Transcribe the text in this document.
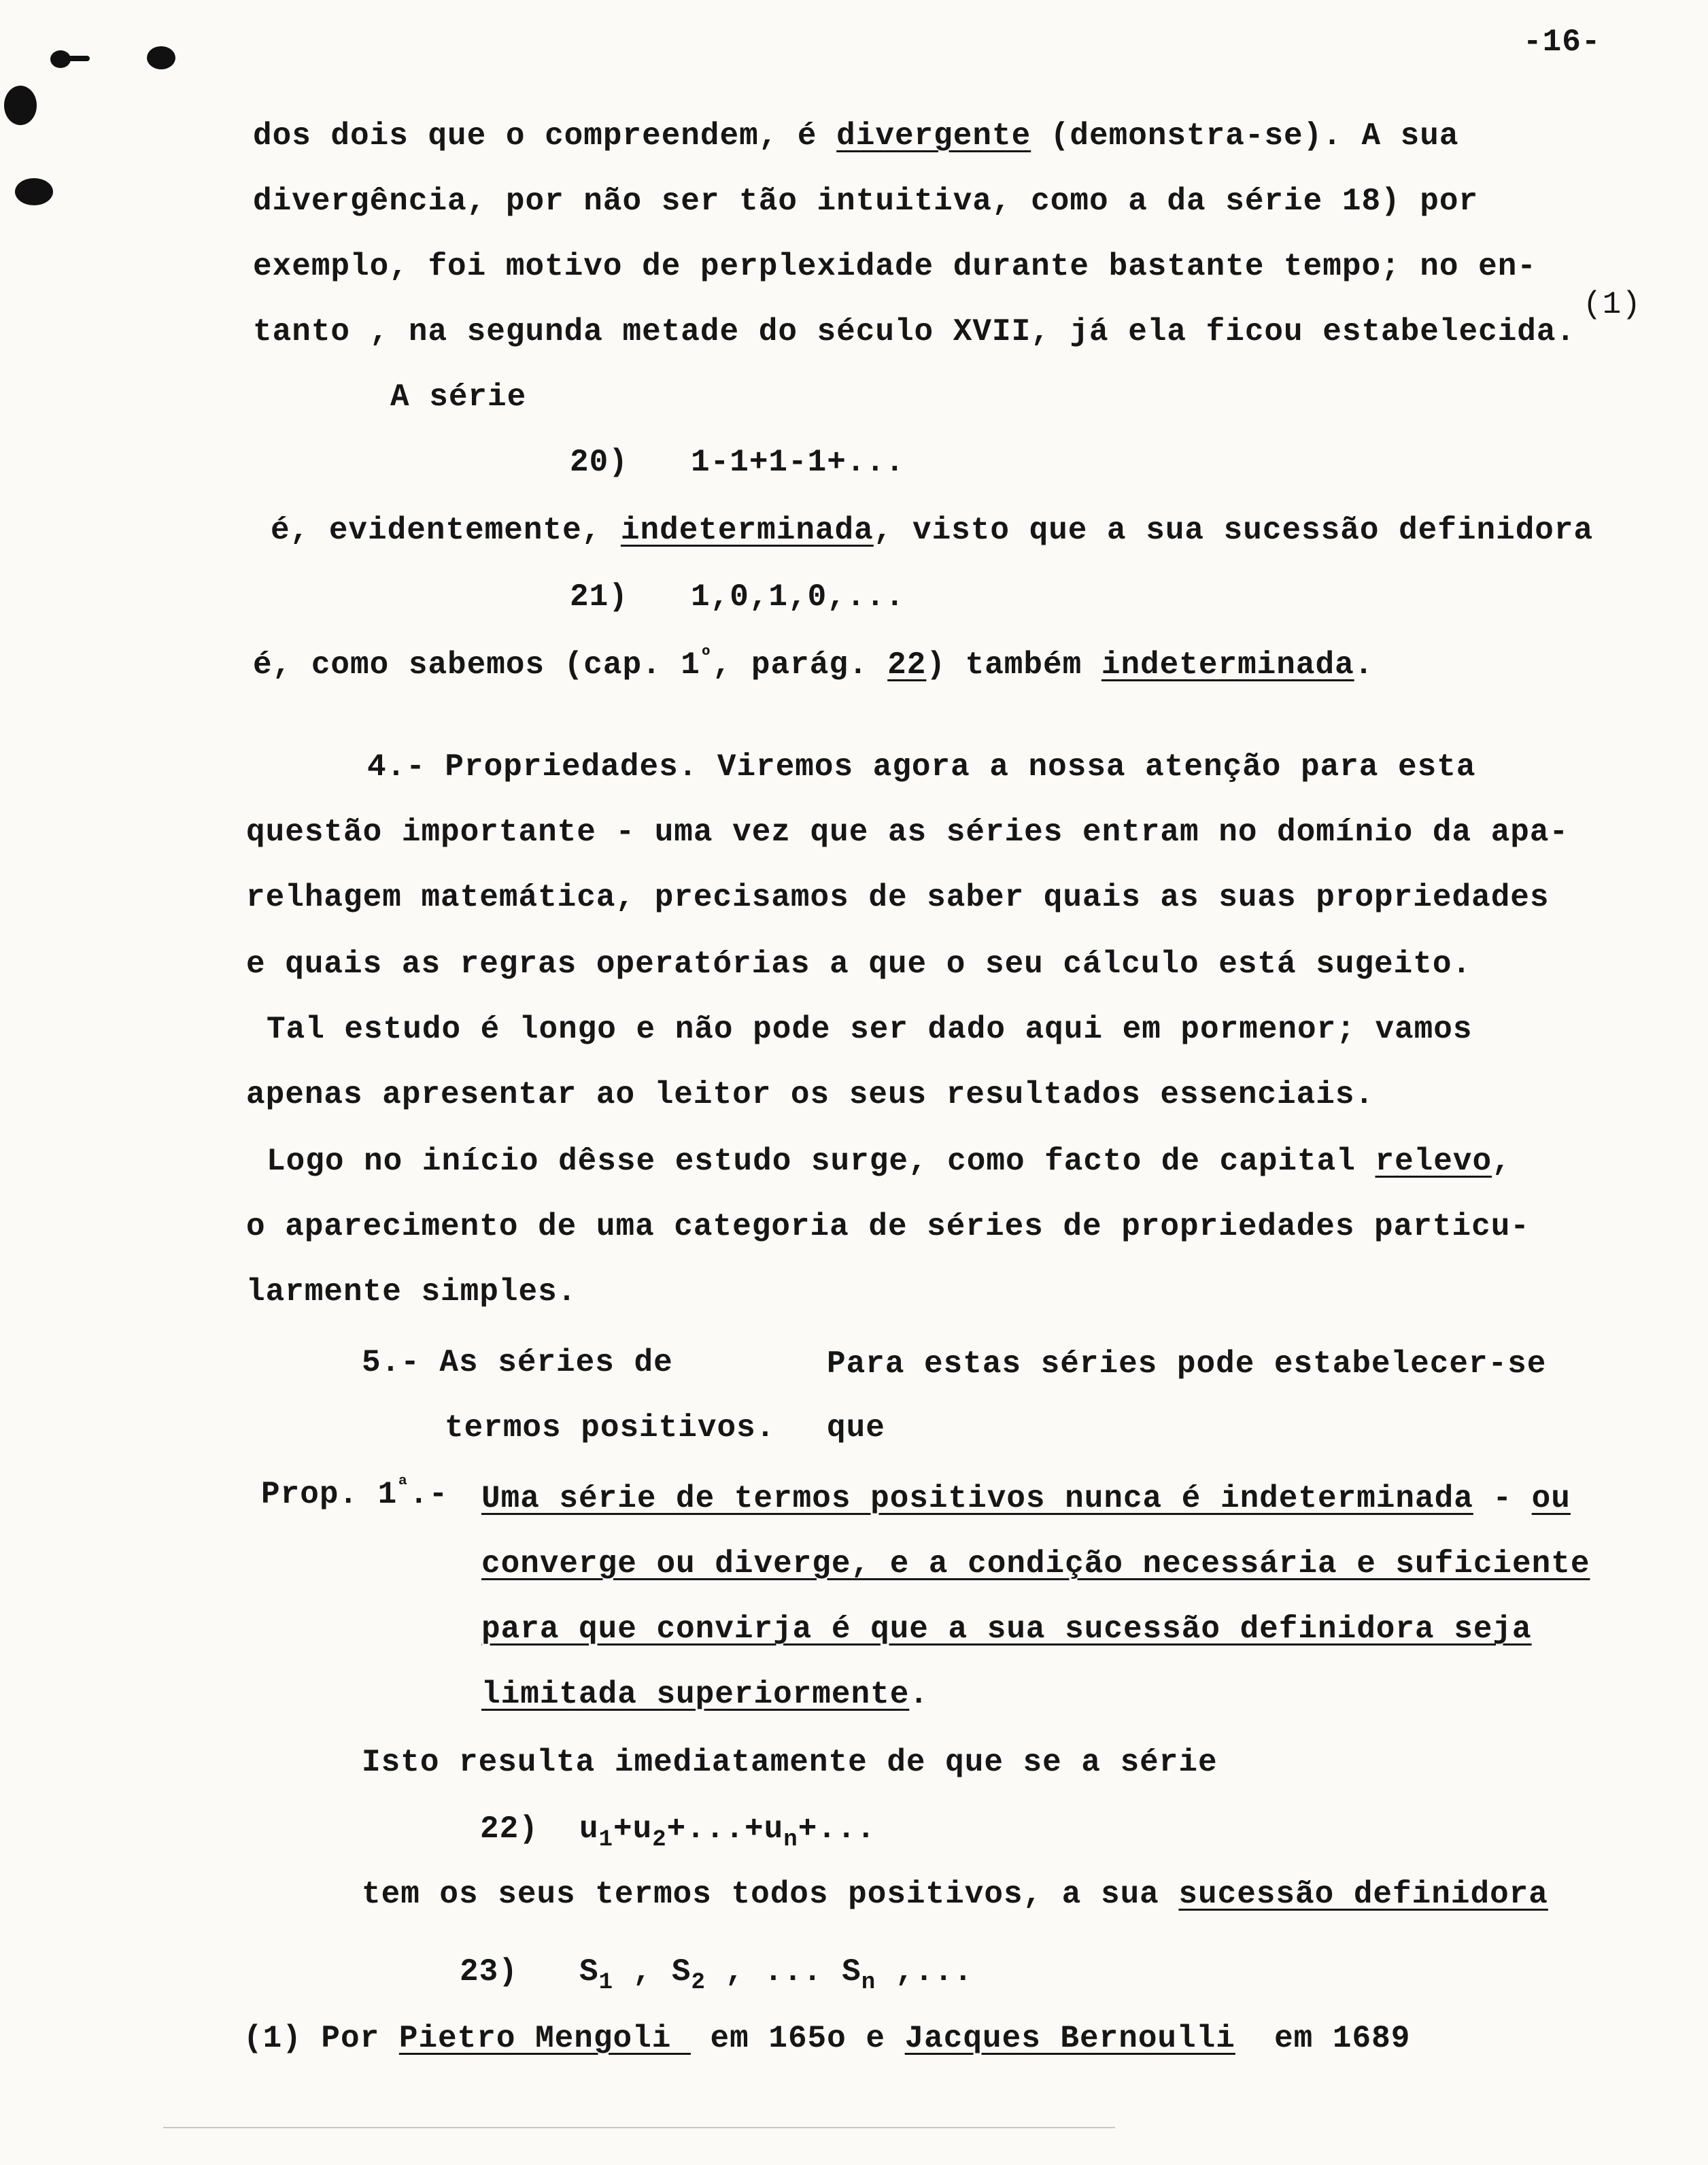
-16-
dos dois que o compreendem, é divergente (demonstra-se). A sua
divergência, por não ser tão intuitiva, como a da série 18) por
exemplo, foi motivo de perplexidade durante bastante tempo; no en-
(1)
tanto , na segunda metade do século XVII, já ela ficou estabelecida.
A série
20) 1-1+1-1+...
é, evidentemente, indeterminada, visto que a sua sucessão definidora
21) 1,0,1,0,...
é, como sabemos (cap. $1^º$, parág. 22) também indeterminada.
4.- Propriedades. Viremos agora a nossa atenção para esta
questão importante - uma vez que as séries entram no domínio da apa-
relhagem matemática, precisamos de saber quais as suas propriedades
e quais as regras operatórias a que o seu cálculo está sugeito.
Tal estudo é longo e não pode ser dado aqui em pormenor; vamos
apenas apresentar ao leitor os seus resultados essenciais.
Logo no início dêsse estudo surge, como facto de capital relevo,
o aparecimento de uma categoria de séries de propriedades particu-
larmente simples.
5.- As séries de
termos positivos.
Para estas séries pode estabelecer-se
que
Prop. $1^ª.-$ Uma série de termos positivos nunca é indeterminada - ou
converge ou diverge, e a condição necessária e suficiente
para que convirja é que a sua sucessão definidora seja
limitada superiormente.
Isto resulta imediatamente de que se a série
22) $u_1+u_2+...+u_n+$...
tem os seus termos todos positivos, a sua sucessão definidora
23) $S_1$ , $S_2$ , ... $S_n$ ,...
(1) Por Pietro Mengoli  em 165o e Jacques Bernoulli  em 1689
